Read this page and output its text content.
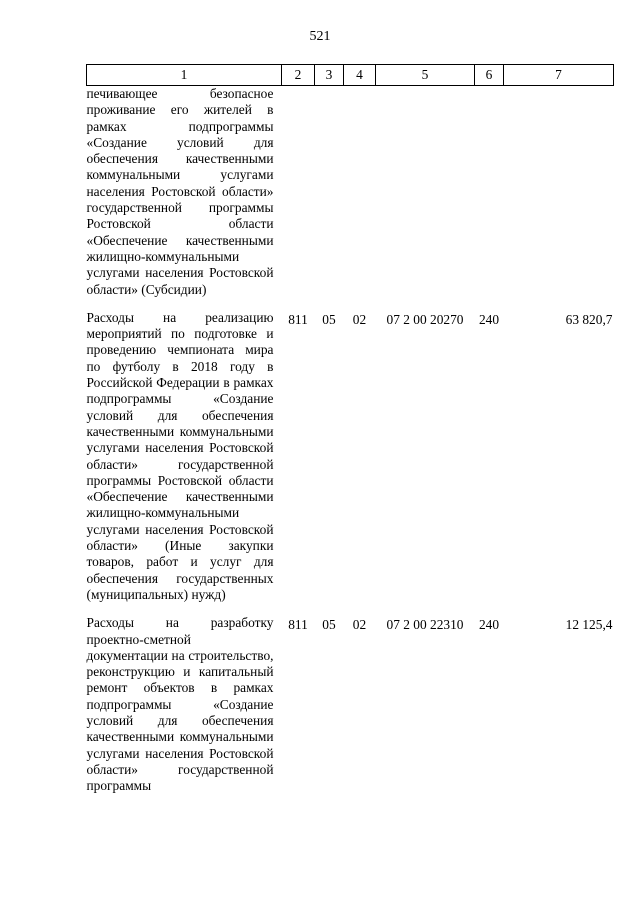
521
1	2	3	4	5	6	7
печивающее безопасное проживание его жителей в рамках подпрограммы «Создание условий для обеспечения качественными коммунальными услугами населения Ростовской области» государственной программы Ростовской области «Обеспечение качественными жилищно-коммунальными услугами населения Ростовской области» (Субсидии)						

Расходы на реализацию мероприятий по подготовке и проведению чемпионата мира по футболу в 2018 году в Российской Федерации в рамках подпрограммы «Создание условий для обеспечения качественными коммунальными услугами населения Ростовской области» государственной программы Ростовской области «Обеспечение качественными жилищно-коммунальными услугами населения Ростовской области» (Иные закупки товаров, работ и услуг для обеспечения государственных (муниципальных) нужд)	811	05	02	07 2 00 20270	240	63 820,7

Расходы на разработку проектно-сметной документации на строительство, реконструкцию и капитальный ремонт объектов в рамках подпрограммы «Создание условий для обеспечения качественными коммунальными услугами населения Ростовской области» государственной программы	811	05	02	07 2 00 22310	240	12 125,4
